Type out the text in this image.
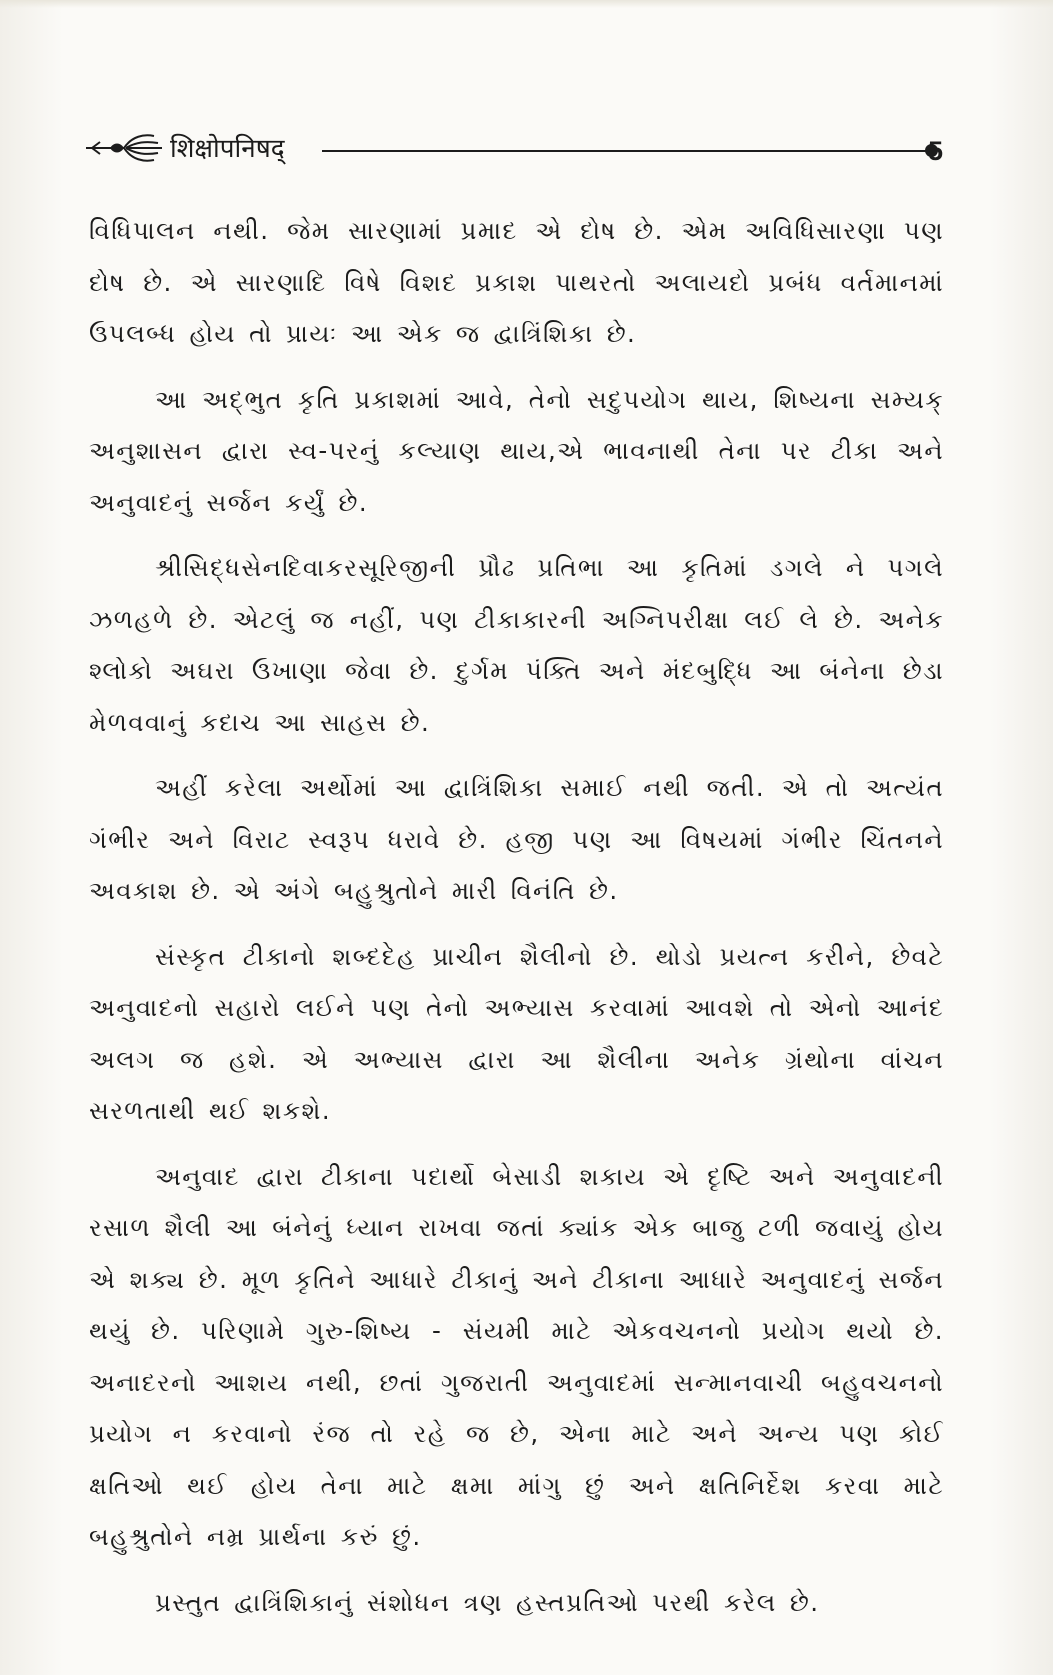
शिक्षोपनिषद्	5

વિધિપાલન નથી. જેમ સારણામાં પ્રમાદ એ દોષ છે. એમ અવિધિસારણા પણ દોષ છે. એ સારણાદિ વિષે વિશદ પ્રકાશ પાથરતો અલાયદો પ્રબંધ વર્તમાનમાં ઉપલબ્ધ હોય તો પ્રાયઃ આ એક જ દ્વાત્રિંશિકા છે.

આ અદ્ભુત કૃતિ પ્રકાશમાં આવે, તેનો સદુપયોગ થાય, શિષ્યના સમ્યક્ અનુશાસન દ્વારા સ્વ-પરનું કલ્યાણ થાય,એ ભાવનાથી તેના પર ટીકા અને અનુવાદનું સર્જન કર્યું છે.

શ્રીસિદ્ધસેનદિવાકરસૂરિજીની પ્રૌઢ પ્રતિભા આ કૃતિમાં ડગલે ને પગલે ઝળહળે છે. એટલું જ નહીં, પણ ટીકાકારની અગ્નિપરીક્ષા લઈ લે છે. અનેક શ્લોકો અઘરા ઉખાણા જેવા છે. દુર્ગમ પંક્તિ અને મંદબુદ્ધિ આ બંનેના છેડા મેળવવાનું કદાચ આ સાહસ છે.

અહીં કરેલા અર્થોમાં આ દ્વાત્રિંશિકા સમાઈ નથી જતી. એ તો અત્યંત ગંભીર અને વિરાટ સ્વરૂપ ધરાવે છે. હજી પણ આ વિષયમાં ગંભીર ચિંતનને અવકાશ છે. એ અંગે બહુશ્રુતોને મારી વિનંતિ છે.

સંસ્કૃત ટીકાનો શબ્દદેહ પ્રાચીન શૈલીનો છે. થોડો પ્રયત્ન કરીને, છેવટે અનુવાદનો સહારો લઈને પણ તેનો અભ્યાસ કરવામાં આવશે તો એનો આનંદ અલગ જ હશે. એ અભ્યાસ દ્વારા આ શૈલીના અનેક ગ્રંથોના વાંચન સરળતાથી થઈ શકશે.

અનુવાદ દ્વારા ટીકાના પદાર્થો બેસાડી શકાય એ દૃષ્ટિ અને અનુવાદની રસાળ શૈલી આ બંનેનું ધ્યાન રાખવા જતાં ક્યાંક એક બાજુ ટળી જવાયું હોય એ શક્ય છે. મૂળ કૃતિને આધારે ટીકાનું અને ટીકાના આધારે અનુવાદનું સર્જન થયું છે. પરિણામે ગુરુ-શિષ્ય - સંયમી માટે એકવચનનો પ્રયોગ થયો છે. અનાદરનો આશય નથી, છતાં ગુજરાતી અનુવાદમાં સન્માનવાચી બહુવચનનો પ્રયોગ ન કરવાનો રંજ તો રહે જ છે, એના માટે અને અન્ય પણ કોઈ ક્ષતિઓ થઈ હોય તેના માટે ક્ષમા માંગુ છું અને ક્ષતિનિર્દેશ કરવા માટે બહુશ્રુતોને નમ્ર પ્રાર્થના કરું છું.

પ્રસ્તુત દ્વાત્રિંશિકાનું સંશોધન ત્રણ હસ્તપ્રતિઓ પરથી કરેલ છે.
